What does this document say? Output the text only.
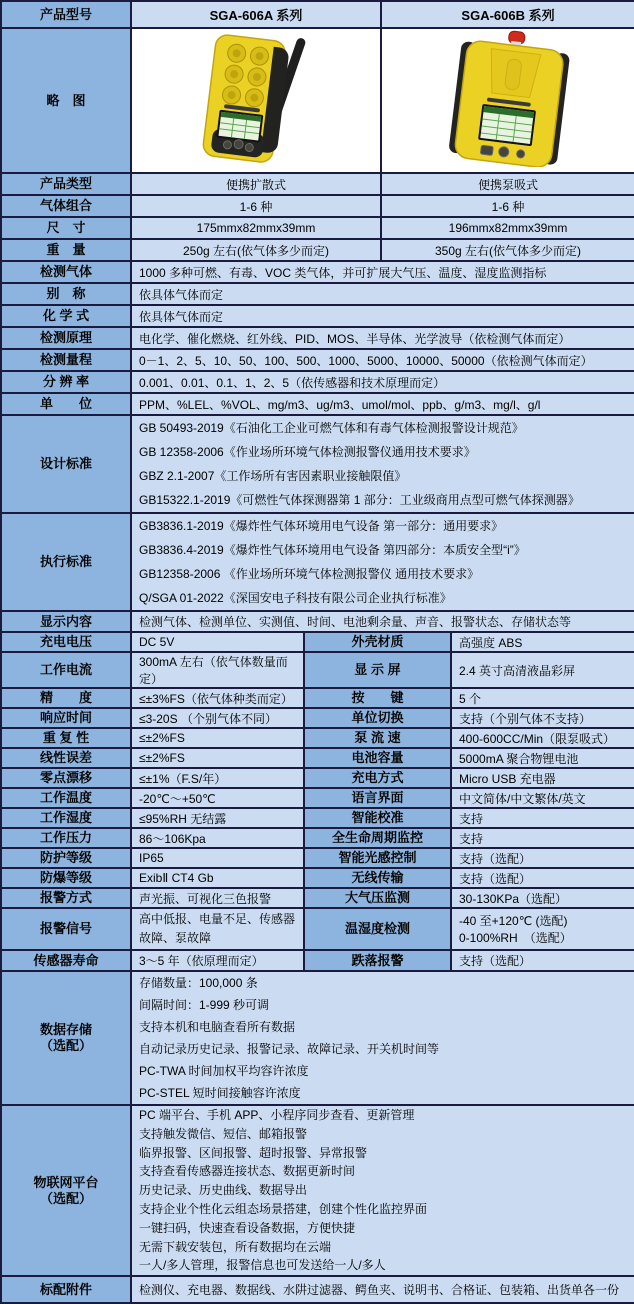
产品型号	SGA-606A 系列		SGA-606B 系列	
略　图		
产品类型	便携扩散式		便携泵吸式	
气体组合	1-6 种		1-6 种	
尺　寸	175mmx82mmx39mm		196mmx82mmx39mm	
重　量	250g 左右(依气体多少而定)		350g 左右(依气体多少而定)	
检测气体	1000 多种可燃、有毒、VOC 类气体，并可扩展大气压、温度、湿度监测指标			
别　称	依具体气体而定			
化 学 式	依具体气体而定			
检测原理	电化学、催化燃烧、红外线、PID、MOS、半导体、光学波导（依检测气体而定）			
检测量程	0－1、2、5、10、50、100、500、1000、5000、10000、50000（依检测气体而定）			
分 辨 率	0.001、0.01、0.1、1、2、5（依传感器和技术原理而定）			
单　　位	PPM、%LEL、%VOL、mg/m3、ug/m3、umol/mol、ppb、g/m3、mg/l、g/l			
设计标准	GB 50493-2019《石油化工企业可燃气体和有毒气体检测报警设计规范》
GB 12358-2006《作业场所环境气体检测报警仪通用技术要求》
GBZ 2.1-2007《工作场所有害因素职业接触限值》
GB15322.1-2019《可燃性气体探测器第 1 部分：工业级商用点型可燃气体探测器》			

执行标准	GB3836.1-2019《爆炸性气体环境用电气设备 第一部分：通用要求》
GB3836.4-2019《爆炸性气体环境用电气设备 第四部分：本质安全型“i”》
GB12358-2006 《作业场所环境气体检测报警仪 通用技术要求》
Q/SGA 01-2022《深国安电子科技有限公司企业执行标准》			

显示内容	检测气体、检测单位、实测值、时间、电池剩余量、声音、报警状态、存储状态等			
充电电压	DC 5V	外壳材质		高强度 ABS
工作电流	300mA 左右（依气体数量而定）	显 示 屏		2.4 英寸高清液晶彩屏
精　　度	≤±3%FS（依气体种类而定）	按　　键		5 个
响应时间	≤3-20S （个别气体不同）	单位切换		支持（个别气体不支持）
重 复 性	≤±2%FS	泵 流 速		400-600CC/Min（限泵吸式）
线性误差	≤±2%FS	电池容量		5000mA 聚合物锂电池
零点漂移	≤±1%（F.S/年）	充电方式		Micro USB 充电器
工作温度	-20℃～+50℃	语言界面		中文简体/中文繁体/英文
工作湿度	≤95%RH 无结露	智能校准		支持
工作压力	86～106Kpa	全生命周期监控		支持
防护等级	IP65	智能光感控制		支持（选配）
防爆等级	ExibⅡ CT4 Gb	无线传输		支持（选配）
报警方式	声光振、可视化三色报警	大气压监测		30-130KPa（选配）
报警信号	高中低报、电量不足、传感器故障、泵故障	温湿度检测		-40 至+120℃ (选配)
0-100%RH　（选配）

传感器寿命	3～5 年（依原理而定）	跌落报警		支持（选配）

数据存储
（选配）

存储数量：100,000 条
间隔时间：1-999 秒可调
支持本机和电脑查看所有数据
自动记录历史记录、报警记录、故障记录、开关机时间等
PC-TWA 时间加权平均容许浓度
PC-STEL 短时间接触容许浓度

物联网平台
（选配）

PC 端平台、手机 APP、小程序同步查看、更新管理
支持触发微信、短信、邮箱报警
临界报警、区间报警、超时报警、异常报警
支持查看传感器连接状态、数据更新时间
历史记录、历史曲线、数据导出
支持企业个性化云组态场景搭建，创建个性化监控界面
一键扫码，快速查看设备数据，方便快捷
无需下载安装包，所有数据均在云端
一人/多人管理，报警信息也可发送给一人/多人

标配附件	检测仪、充电器、数据线、水阱过滤器、鳄鱼夹、说明书、合格证、包装箱、出货单各一份			
